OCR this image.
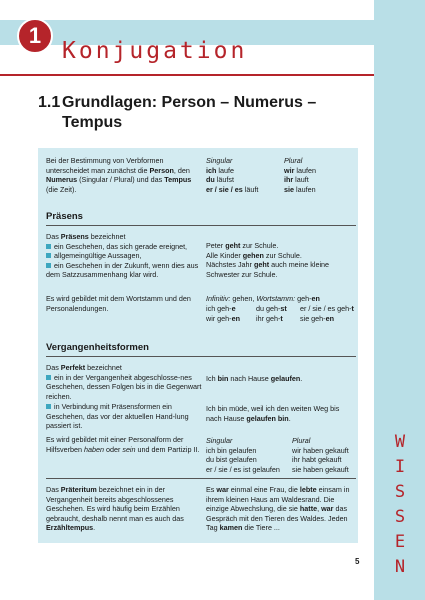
W
I
S
S
E
N
1
Konjugation
1.1 Grundlagen: Person – Numerus –
Tempus
Bei der Bestimmung von Verbformen unterscheidet man zunächst die Person, den Numerus (Singular / Plural) und das Tempus (die Zeit).
Singular	Plural
ich laufe	wir laufen
du läufst	ihr lauft
er / sie / es läuft	sie laufen
Präsens
Das Präsens bezeichnet
ein Geschehen, das sich gerade ereignet,
allgemeingültige Aussagen,
ein Geschehen in der Zukunft, wenn dies aus dem Satzzusammenhang klar wird.
Peter geht zur Schule.
Alle Kinder gehen zur Schule.
Nächstes Jahr geht auch meine kleine Schwester zur Schule.
Es wird gebildet mit dem Wortstamm und den Personalendungen.
Infinitiv: gehen, Wortstamm: geh-en
ich geh-e	du geh-st er / sie / es geh-t
wir geh-en ihr geh-t sie geh-en
Vergangenheitsformen
Das Perfekt bezeichnet
ein in der Vergangenheit abgeschlosse-nes Geschehen, dessen Folgen bis in die Gegenwart reichen.
Ich bin nach Hause gelaufen.
in Verbindung mit Präsensformen ein Geschehen, das vor der aktuellen Hand-lung passiert ist.
Ich bin müde, weil ich den weiten Weg bis nach Hause gelaufen bin.
Es wird gebildet mit einer Personalform der Hilfsverben haben oder sein und dem Partizip II.
Singular	Plural
ich bin gelaufen	wir haben gekauft
du bist gelaufen	ihr habt gekauft
er / sie / es ist gelaufen sie haben gekauft
Das Präteritum bezeichnet ein in der Vergangenheit bereits abgeschlossenes Geschehen. Es wird häufig beim Erzählen gebraucht, deshalb nennt man es auch das Erzähltempus.
Es war einmal eine Frau, die lebte einsam in ihrem kleinen Haus am Waldesrand. Die einzige Abwechslung, die sie hatte, war das Gespräch mit den Tieren des Waldes. Jeden Tag kamen die Tiere ...
5
